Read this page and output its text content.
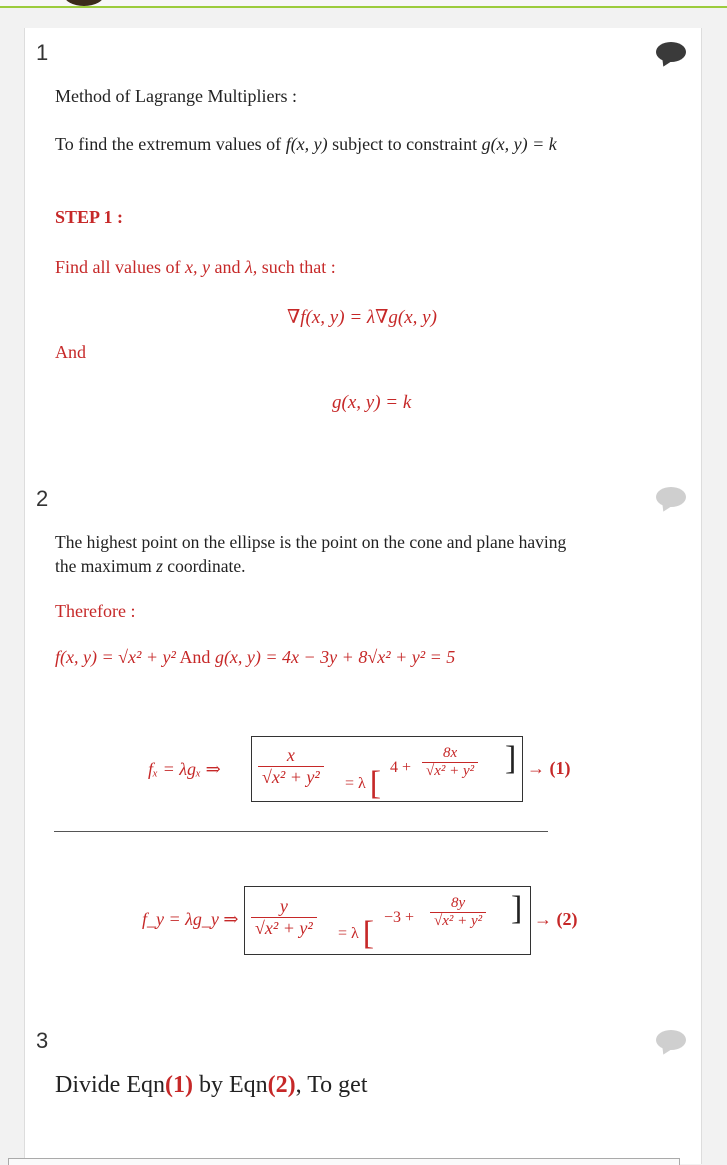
1
Method of Lagrange Multipliers :
To find the extremum values of f(x, y) subject to constraint g(x, y) = k
STEP 1 :
Find all values of x, y and λ, such that :
∇f(x, y) = λ∇g(x, y)
And
g(x, y) = k
2
The highest point on the ellipse is the point on the cone and plane having
the maximum z coordinate.
Therefore :
f(x, y) = √x² + y² And g(x, y) = 4x − 3y + 8√x² + y² = 5
fₓ = λgₓ ⇒ $\frac{x}{\text{√x² + y²}} = \lambda$ [ $4 + \frac{8x}{\text{√x² + y²}}$ ] → (1)
f_y = λg_y ⇒ $\frac{y}{\text{√x² + y²}} = \lambda$ [ $-3 + \frac{8y}{\text{√x² + y²}}$ ] → (2)
3
Divide Eqn(1) by Eqn(2), To get
